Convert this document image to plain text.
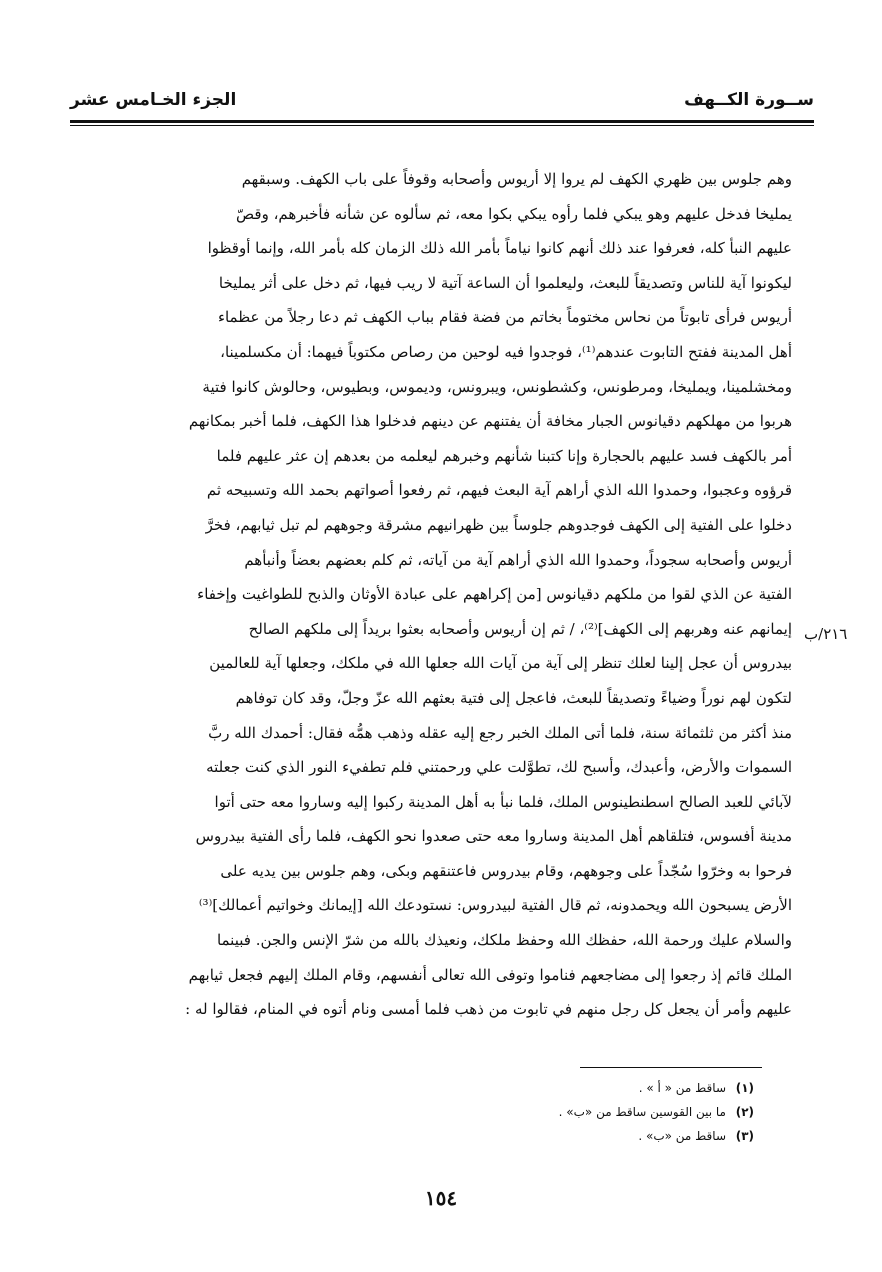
ســورة الكــهف
الجزء الخـامس عشر
وهم جلوس بين ظهري الكهف لم يروا إلا أريوس وأصحابه وقوفاً على باب الكهف. وسبقهم
يمليخا فدخل عليهم وهو يبكي فلما رأوه يبكي بكوا معه، ثم سألوه عن شأنه فأخبرهم، وقصّ
عليهم النبأ كله، فعرفوا عند ذلك أنهم كانوا نياماً بأمر الله ذلك الزمان كله بأمر الله، وإنما أوقظوا
ليكونوا آية للناس وتصديقاً للبعث، وليعلموا أن الساعة آتية لا ريب فيها، ثم دخل على أثر يمليخا
أريوس فرأى تابوتاً من نحاس مختوماً بخاتم من فضة فقام بباب الكهف ثم دعا رجلاً من عظماء
أهل المدينة ففتح التابوت عندهم⁽¹⁾، فوجدوا فيه لوحين من رصاص مكتوباً فيهما: أن مكسلمينا،
ومخشلمينا، ويمليخا، ومرطونس، وكشطونس، ويبرونس، وديموس، وبطيوس، وحالوش كانوا فتية
هربوا من مهلكهم دقيانوس الجبار مخافة أن يفتنهم عن دينهم فدخلوا هذا الكهف، فلما أخبر بمكانهم
أمر بالكهف فسد عليهم بالحجارة وإنا كتبنا شأنهم وخبرهم ليعلمه من بعدهم إن عثر عليهم فلما
قرؤوه وعجبوا، وحمدوا الله الذي أراهم آية البعث فيهم، ثم رفعوا أصواتهم بحمد الله وتسبيحه ثم
دخلوا على الفتية إلى الكهف فوجدوهم جلوساً بين ظهرانيهم مشرقة وجوههم لم تبل ثيابهم، فخرَّ
أريوس وأصحابه سجوداً، وحمدوا الله الذي أراهم آية من آياته، ثم كلم بعضهم بعضاً وأنبأهم
الفتية عن الذي لقوا من ملكهم دقيانوس [من إكراههم على عبادة الأوثان والذبح للطواغيت وإخفاء
إيمانهم عنه وهربهم إلى الكهف]⁽²⁾، / ثم إن أريوس وأصحابه بعثوا بريداً إلى ملكهم الصالح
بيدروس أن عجل إلينا لعلك تنظر إلى آية من آيات الله جعلها الله في ملكك، وجعلها آية للعالمين
لتكون لهم نوراً وضياءً وتصديقاً للبعث، فاعجل إلى فتية بعثهم الله عزّ وجلّ، وقد كان توفاهم
منذ أكثر من ثلثمائة سنة، فلما أتى الملك الخبر رجع إليه عقله وذهب همُّه فقال: أحمدك الله ربَّ
السموات والأرض، وأعبدك، وأسبح لك، تطوَّلت علي ورحمتني فلم تطفيء النور الذي كنت جعلته
لآبائي للعبد الصالح اسطنطينوس الملك، فلما نبأ به أهل المدينة ركبوا إليه وساروا معه حتى أتوا
مدينة أفسوس، فتلقاهم أهل المدينة وساروا معه حتى صعدوا نحو الكهف، فلما رأى الفتية بيدروس
فرحوا به وخرّوا سُجّداً على وجوههم، وقام بيدروس فاعتنقهم وبكى، وهم جلوس بين يديه على
الأرض يسبحون الله ويحمدونه، ثم قال الفتية لبيدروس: نستودعك الله [إيمانك وخواتيم أعمالك]⁽³⁾
والسلام عليك ورحمة الله، حفظك الله وحفظ ملكك، ونعيذك بالله من شرّ الإنس والجن. فبينما
الملك قائم إذ رجعوا إلى مضاجعهم فناموا وتوفى الله تعالى أنفسهم، وقام الملك إليهم فجعل ثيابهم
عليهم وأمر أن يجعل كل رجل منهم في تابوت من ذهب فلما أمسى ونام أتوه في المنام، فقالوا له :
٢١٦/ب
(١)ساقط من « أ » .
(٢)ما بين القوسين ساقط من «ب» .
(٣)ساقط من «ب» .
١٥٤
